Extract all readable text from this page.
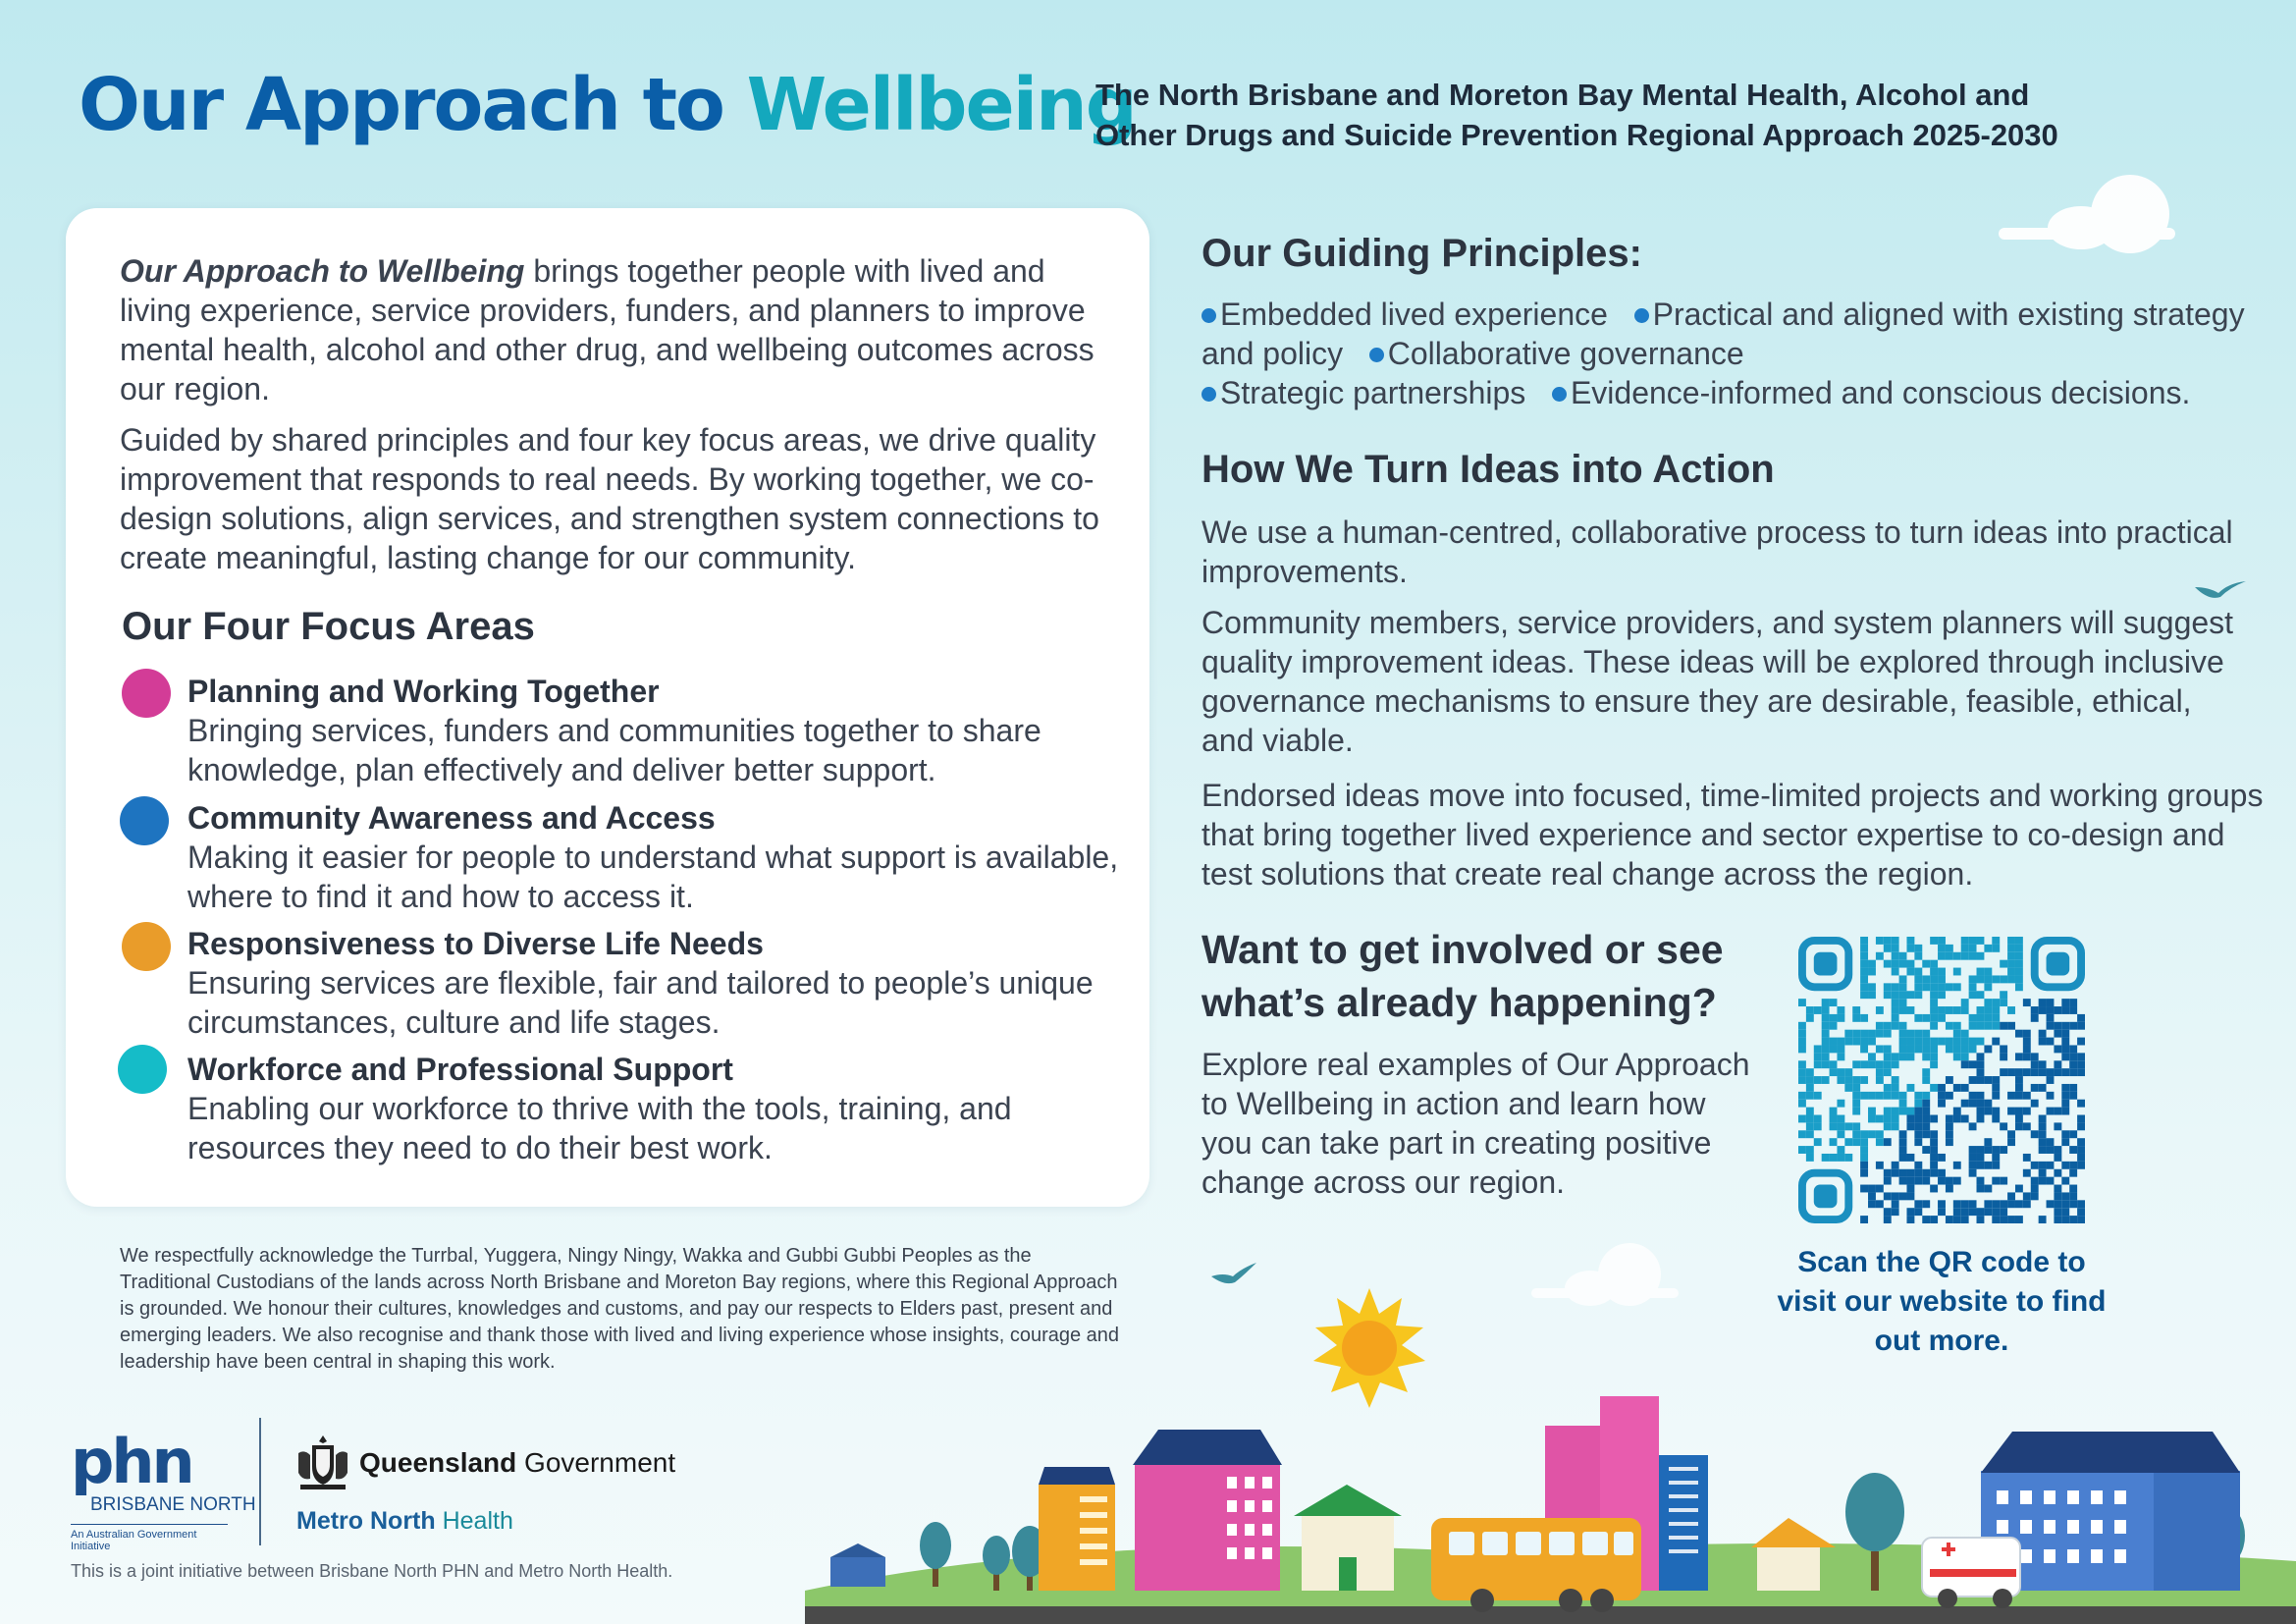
Our Approach to Wellbeing
The North Brisbane and Moreton Bay Mental Health, Alcohol and
Other Drugs and Suicide Prevention Regional Approach 2025-2030

Our Approach to Wellbeing brings together people with lived and living experience, service providers, funders, and planners to improve mental health, alcohol and other drug, and wellbeing outcomes across our region.

Guided by shared principles and four key focus areas, we drive quality improvement that responds to real needs. By working together, we co-design solutions, align services, and strengthen system connections to create meaningful, lasting change for our community.

Our Four Focus Areas
Planning and Working Together
Bringing services, funders and communities together to share knowledge, plan effectively and deliver better support.
Community Awareness and Access
Making it easier for people to understand what support is available, where to find it and how to access it.
Responsiveness to Diverse Life Needs
Ensuring services are flexible, fair and tailored to people’s unique circumstances, culture and life stages.
Workforce and Professional Support
Enabling our workforce to thrive with the tools, training, and resources they need to do their best work.

We respectfully acknowledge the Turrbal, Yuggera, Ningy Ningy, Wakka and Gubbi Gubbi Peoples as the Traditional Custodians of the lands across North Brisbane and Moreton Bay regions, where this Regional Approach is grounded. We honour their cultures, knowledges and customs, and pay our respects to Elders past, present and emerging leaders. We also recognise and thank those with lived and living experience whose insights, courage and leadership have been central in shaping this work.

Our Guiding Principles:
Embedded lived experience Practical and aligned with existing strategy and policy Collaborative governance
Strategic partnerships Evidence-informed and conscious decisions.
How We Turn Ideas into Action

We use a human-centred, collaborative process to turn ideas into practical improvements.

Community members, service providers, and system planners will suggest quality improvement ideas. These ideas will be explored through inclusive governance mechanisms to ensure they are desirable, feasible, ethical, and viable.

Endorsed ideas move into focused, time-limited projects and working groups that bring together lived experience and sector expertise to co-design and test solutions that create real change across the region.

Want to get involved or see what’s already happening?

Explore real examples of Our Approach to Wellbeing in action and learn how you can take part in creating positive change across our region.

Scan the QR code to visit our website to find out more.
phn
BRISBANE NORTH
An Australian Government Initiative
Queensland Government
Metro North Health
This is a joint initiative between Brisbane North PHN and Metro North Health.
